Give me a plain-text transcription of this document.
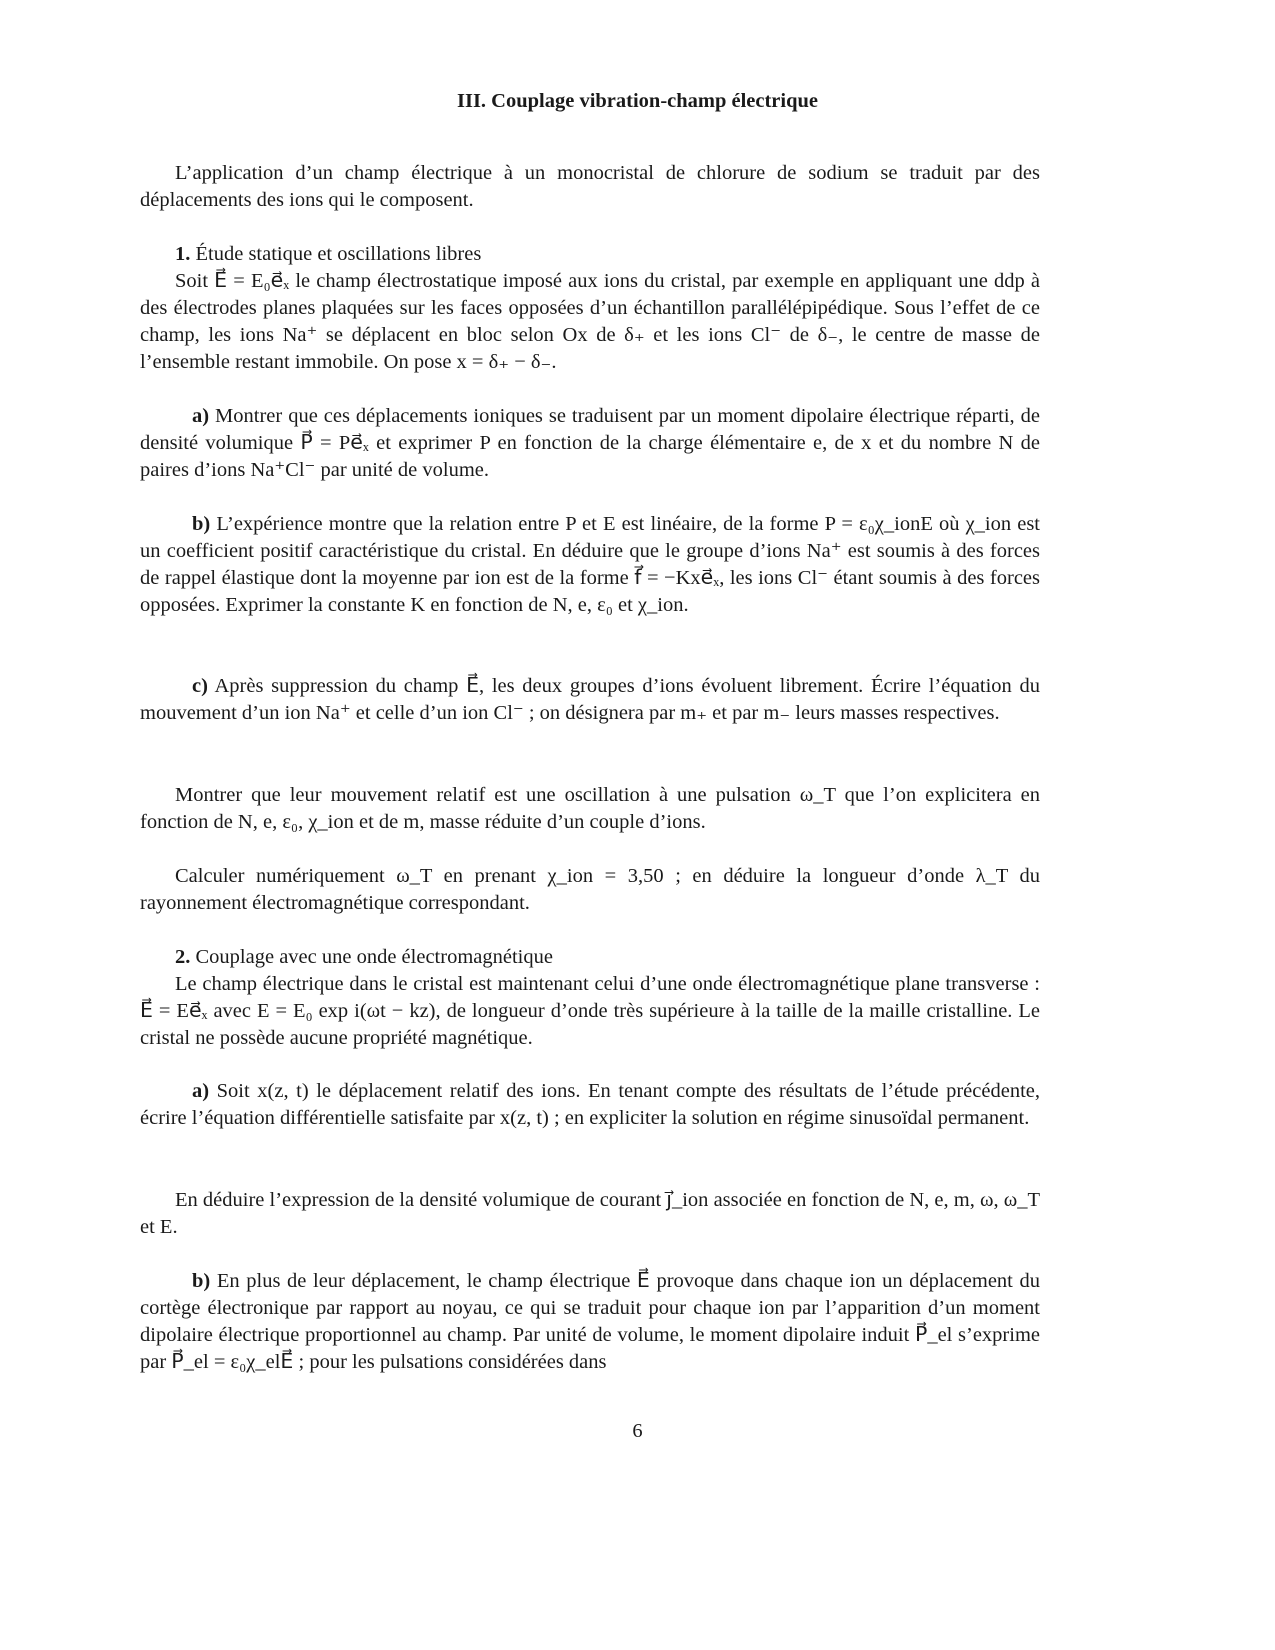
III. Couplage vibration-champ électrique

L’application d’un champ électrique à un monocristal de chlorure de sodium se traduit par des déplacements des ions qui le composent.

1. Étude statique et oscillations libres
Soit E⃗ = E₀e⃗ₓ le champ électrostatique imposé aux ions du cristal, par exemple en appliquant une ddp à des électrodes planes plaquées sur les faces opposées d’un échantillon parallélépipédique. Sous l’effet de ce champ, les ions Na⁺ se déplacent en bloc selon Ox de δ₊ et les ions Cl⁻ de δ₋, le centre de masse de l’ensemble restant immobile. On pose x = δ₊ − δ₋.
a) Montrer que ces déplacements ioniques se traduisent par un moment dipolaire électrique réparti, de densité volumique P⃗ = Pe⃗ₓ et exprimer P en fonction de la charge élémentaire e, de x et du nombre N de paires d’ions Na⁺Cl⁻ par unité de volume.
b) L’expérience montre que la relation entre P et E est linéaire, de la forme P = ε₀χ_ionE où χ_ion est un coefficient positif caractéristique du cristal. En déduire que le groupe d’ions Na⁺ est soumis à des forces de rappel élastique dont la moyenne par ion est de la forme f⃗ = −Kxe⃗ₓ, les ions Cl⁻ étant soumis à des forces opposées. Exprimer la constante K en fonction de N, e, ε₀ et χ_ion.
c) Après suppression du champ E⃗, les deux groupes d’ions évoluent librement. Écrire l’équation du mouvement d’un ion Na⁺ et celle d’un ion Cl⁻ ; on désignera par m₊ et par m₋ leurs masses respectives.
Montrer que leur mouvement relatif est une oscillation à une pulsation ω_T que l’on explicitera en fonction de N, e, ε₀, χ_ion et de m, masse réduite d’un couple d’ions.
Calculer numériquement ω_T en prenant χ_ion = 3,50 ; en déduire la longueur d’onde λ_T du rayonnement électromagnétique correspondant.
2. Couplage avec une onde électromagnétique
Le champ électrique dans le cristal est maintenant celui d’une onde électromagnétique plane transverse : E⃗ = Ee⃗ₓ avec E = E₀ exp i(ωt − kz), de longueur d’onde très supérieure à la taille de la maille cristalline. Le cristal ne possède aucune propriété magnétique.
a) Soit x(z, t) le déplacement relatif des ions. En tenant compte des résultats de l’étude précédente, écrire l’équation différentielle satisfaite par x(z, t) ; en expliciter la solution en régime sinusoïdal permanent.
En déduire l’expression de la densité volumique de courant j⃗_ion associée en fonction de N, e, m, ω, ω_T et E.
b) En plus de leur déplacement, le champ électrique E⃗ provoque dans chaque ion un déplacement du cortège électronique par rapport au noyau, ce qui se traduit pour chaque ion par l’apparition d’un moment dipolaire électrique proportionnel au champ. Par unité de volume, le moment dipolaire induit P⃗_el s’exprime par P⃗_el = ε₀χ_elE⃗ ; pour les pulsations considérées dans
6
